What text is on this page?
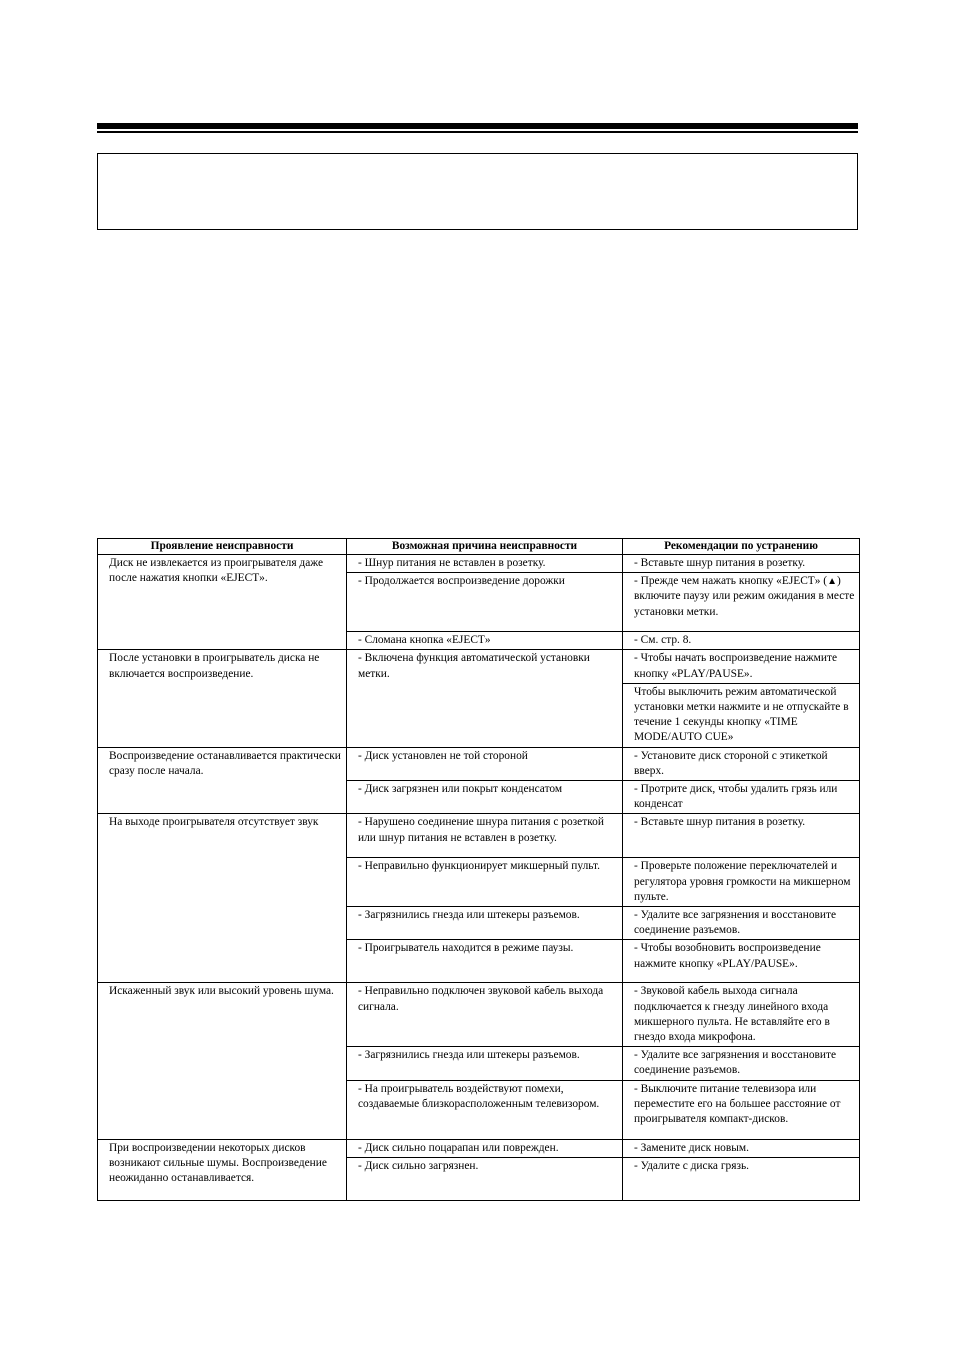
Проявление неисправности	Возможная причина неисправности	Рекомендации по устранению
Диск не извлекается из проигрывателя даже после нажатия кнопки «EJECT».	- Шнур питания не вставлен в розетку.	- Вставьте шнур питания в розетку.
	- Продолжается воспроизведение дорожки	- Прежде чем нажать кнопку «EJECT» (▲) включите паузу или режим ожидания в месте установки метки.
	- Сломана кнопка «EJECT»	- См. стр. 8.
После установки в проигрыватель диска не включается воспроизведение.	- Включена функция автоматической установки метки.	- Чтобы начать воспроизведение нажмите кнопку «PLAY/PAUSE».
		Чтобы выключить режим автоматической установки метки нажмите и не отпускайте в течение 1 секунды кнопку «TIME MODE/AUTO CUE»
Воспроизведение останавливается практически сразу после начала.	- Диск установлен не той стороной	- Установите диск стороной с этикеткой вверх.
	- Диск загрязнен или покрыт конденсатом	- Протрите диск, чтобы удалить грязь или конденсат
На выходе проигрывателя отсутствует звук	- Нарушено соединение шнура питания с розеткой или шнур питания не вставлен в розетку.	- Вставьте шнур питания в розетку.
	- Неправильно функционирует микшерный пульт.	- Проверьте положение переключателей и регулятора уровня громкости на микшерном пульте.
	- Загрязнились гнезда или штекеры разъемов.	- Удалите все загрязнения и восстановите соединение разъемов.
	- Проигрыватель находится в режиме паузы.	- Чтобы возобновить воспроизведение нажмите кнопку «PLAY/PAUSE».
Искаженный звук или высокий уровень шума.	- Неправильно подключен звуковой кабель выхода сигнала.	- Звуковой кабель выхода сигнала подключается к гнезду линейного входа микшерного пульта. Не вставляйте его в гнездо входа микрофона.
	- Загрязнились гнезда или штекеры разъемов.	- Удалите все загрязнения и восстановите соединение разъемов.
	- На проигрыватель воздействуют помехи, создаваемые близкорасположенным телевизором.	- Выключите питание телевизора или переместите его на большее расстояние от проигрывателя компакт-дисков.
При воспроизведении некоторых дисков возникают сильные шумы. Воспроизведение неожиданно останавливается.	- Диск сильно поцарапан или поврежден.	- Замените диск новым.
	- Диск сильно загрязнен.	- Удалите с диска грязь.
